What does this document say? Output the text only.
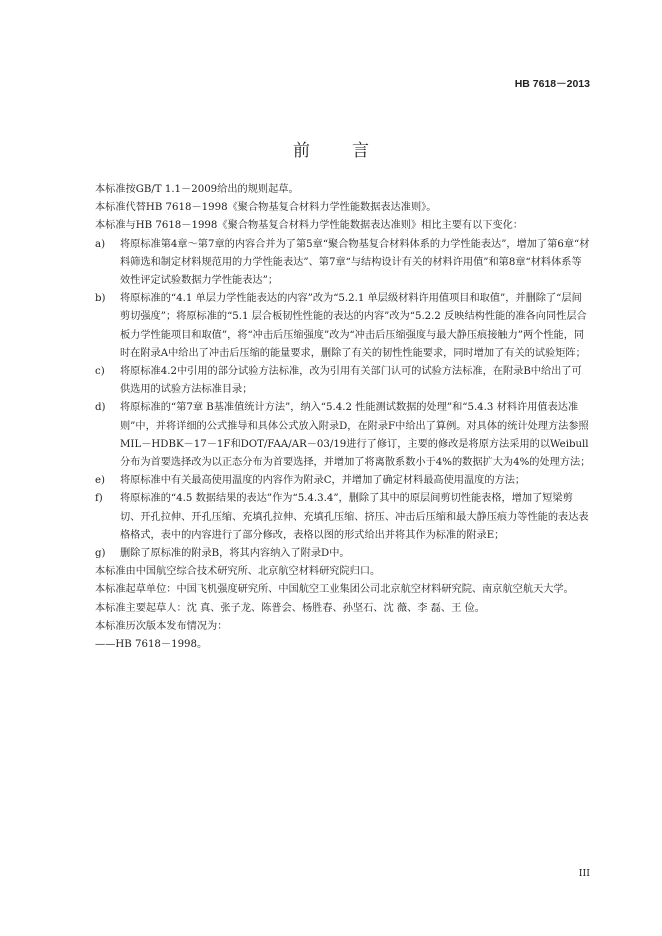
HB 7618－2013
前言

本标准按GB/T 1.1－2009给出的规则起草。

本标准代替HB 7618－1998《聚合物基复合材料力学性能数据表达准则》。

本标准与HB 7618－1998《聚合物基复合材料力学性能数据表达准则》相比主要有以下变化：

a)	将原标准第4章～第7章的内容合并为了第5章“聚合物基复合材料体系的力学性能表达”，增加了第6章“材料筛选和制定材料规范用的力学性能表达”、第7章“与结构设计有关的材料许用值”和第8章“材料体系等效性评定试验数据力学性能表达”；
b)	将原标准的“4.1 单层力学性能表达的内容”改为“5.2.1 单层级材料许用值项目和取值”，并删除了“层间剪切强度”；将原标准的“5.1 层合板韧性性能的表达的内容”改为“5.2.2 反映结构性能的准各向同性层合板力学性能项目和取值”，将“冲击后压缩强度”改为“冲击后压缩强度与最大静压痕接触力”两个性能，同时在附录A中给出了冲击后压缩的能量要求，删除了有关的韧性性能要求，同时增加了有关的试验矩阵；
c)	将原标准4.2中引用的部分试验方法标准，改为引用有关部门认可的试验方法标准，在附录B中给出了可供选用的试验方法标准目录；
d)	将原标准的“第7章 B基准值统计方法”，纳入“5.4.2 性能测试数据的处理”和“5.4.3 材料许用值表达准则”中，并将详细的公式推导和具体公式放入附录D，在附录F中给出了算例。对具体的统计处理方法参照MIL－HDBK－17－1F和DOT/FAA/AR－03/19进行了修订，主要的修改是将原方法采用的以Weibull分布为首要选择改为以正态分布为首要选择，并增加了将离散系数小于4%的数据扩大为4%的处理方法；
e)	将原标准中有关最高使用温度的内容作为附录C，并增加了确定材料最高使用温度的方法；
f)	将原标准的“4.5 数据结果的表达”作为“5.4.3.4”，删除了其中的原层间剪切性能表格，增加了短梁剪切、开孔拉伸、开孔压缩、充填孔拉伸、充填孔压缩、挤压、冲击后压缩和最大静压痕力等性能的表达表格格式，表中的内容进行了部分修改，表格以图的形式给出并将其作为标准的附录E；
g)	删除了原标准的附录B，将其内容纳入了附录D中。

本标准由中国航空综合技术研究所、北京航空材料研究院归口。

本标准起草单位：中国飞机强度研究所、中国航空工业集团公司北京航空材料研究院、南京航空航天大学。

本标准主要起草人：沈 真、张子龙、陈普会、杨胜春、孙坚石、沈 薇、李 磊、王 俭。

本标准历次版本发布情况为：

——HB 7618－1998。

III
